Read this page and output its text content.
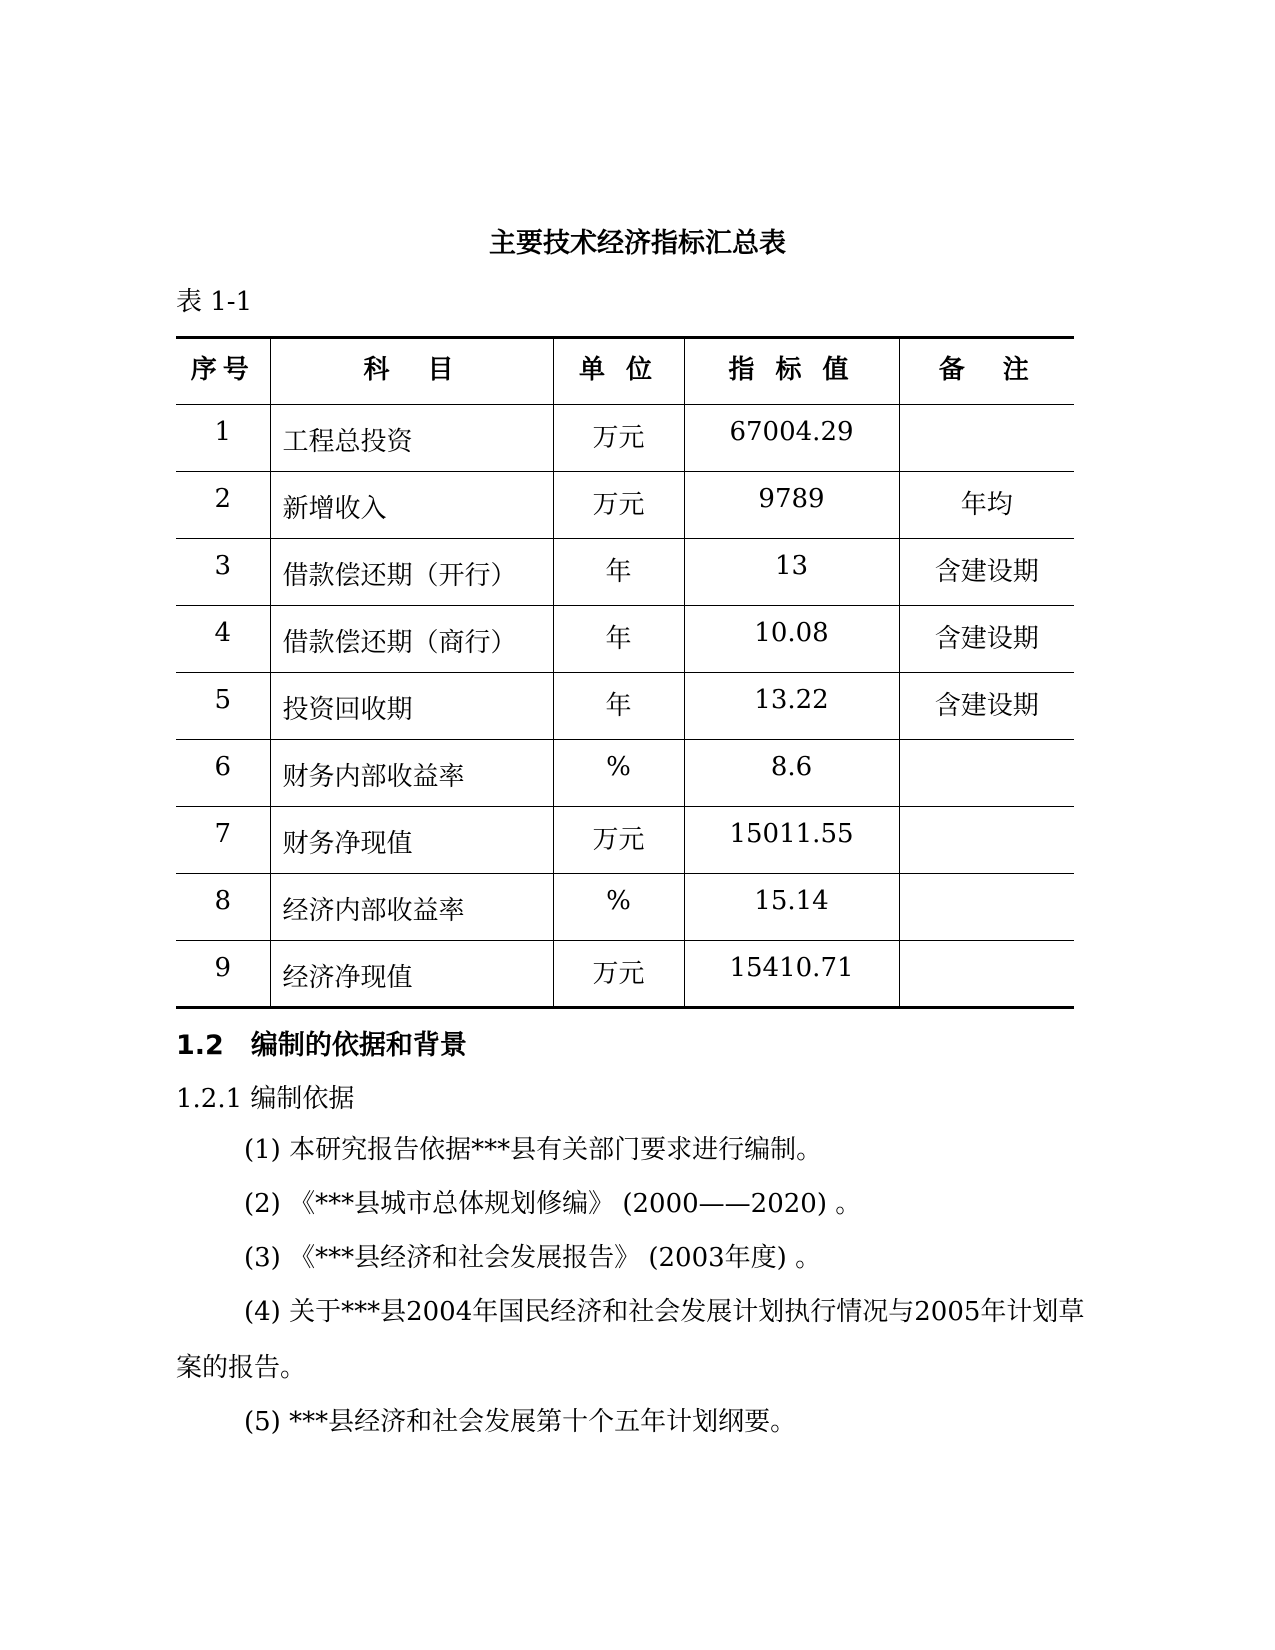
主要技术经济指标汇总表
表 1-1
序号	科　目	单 位	指 标 值	备　注
1	工程总投资	万元	67004.29	
2	新增收入	万元	9789	年均
3	借款偿还期（开行）	年	13	含建设期
4	借款偿还期（商行）	年	10.08	含建设期
5	投资回收期	年	13.22	含建设期
6	财务内部收益率	%	8.6	
7	财务净现值	万元	15011.55	
8	经济内部收益率	%	15.14	
9	经济净现值	万元	15410.71	
1.2　编制的依据和背景
1.2.1 编制依据
(1) 本研究报告依据***县有关部门要求进行编制。
(2) 《***县城市总体规划修编》 (2000——2020) 。
(3) 《***县经济和社会发展报告》 (2003年度) 。
(4) 关于***县2004年国民经济和社会发展计划执行情况与2005年计划草案的报告。
(5) ***县经济和社会发展第十个五年计划纲要。
